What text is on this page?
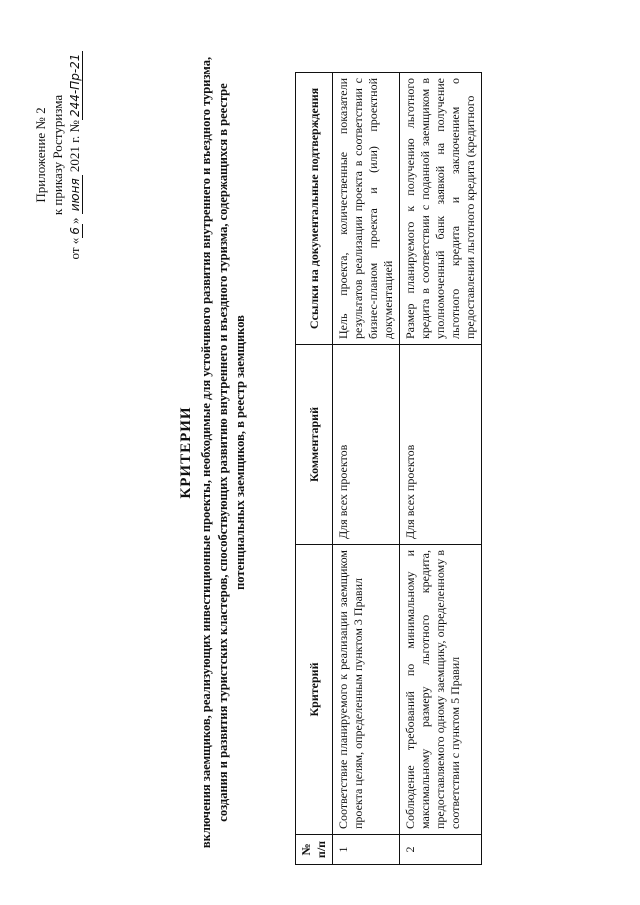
Приложение № 2 к приказу Ростуризма
от «6» июня 2021 г. №244-Пр-21
КРИТЕРИИ включения заемщиков, реализующих инвестиционные проекты, необходимые для устойчивого развития внутреннего и въездного туризма, создания и развития туристских кластеров, способствующих развитию внутреннего и въездного туризма, содержащихся в реестре потенциальных заемщиков, в реестр заемщиков
№ п/п	Критерий	Комментарий	Ссылки на документальные подтверждения
1	Соответствие планируемого к реализации заемщиком проекта целям, определенным пунктом 3 Правил	Для всех проектов	Цель проекта, количественные показатели результатов реализации проекта в соответствии с бизнес-планом проекта и (или) проектной документацией
2	Соблюдение требований по минимальному и максимальному размеру льготного кредита, предоставляемого одному заемщику, определенному в соответствии с пунктом 5 Правил	Для всех проектов	Размер планируемого к получению льготного кредита в соответствии с поданной заемщиком в уполномоченный банк заявкой на получение льготного кредита и заключением о предоставлении льготного кредита (кредитного
